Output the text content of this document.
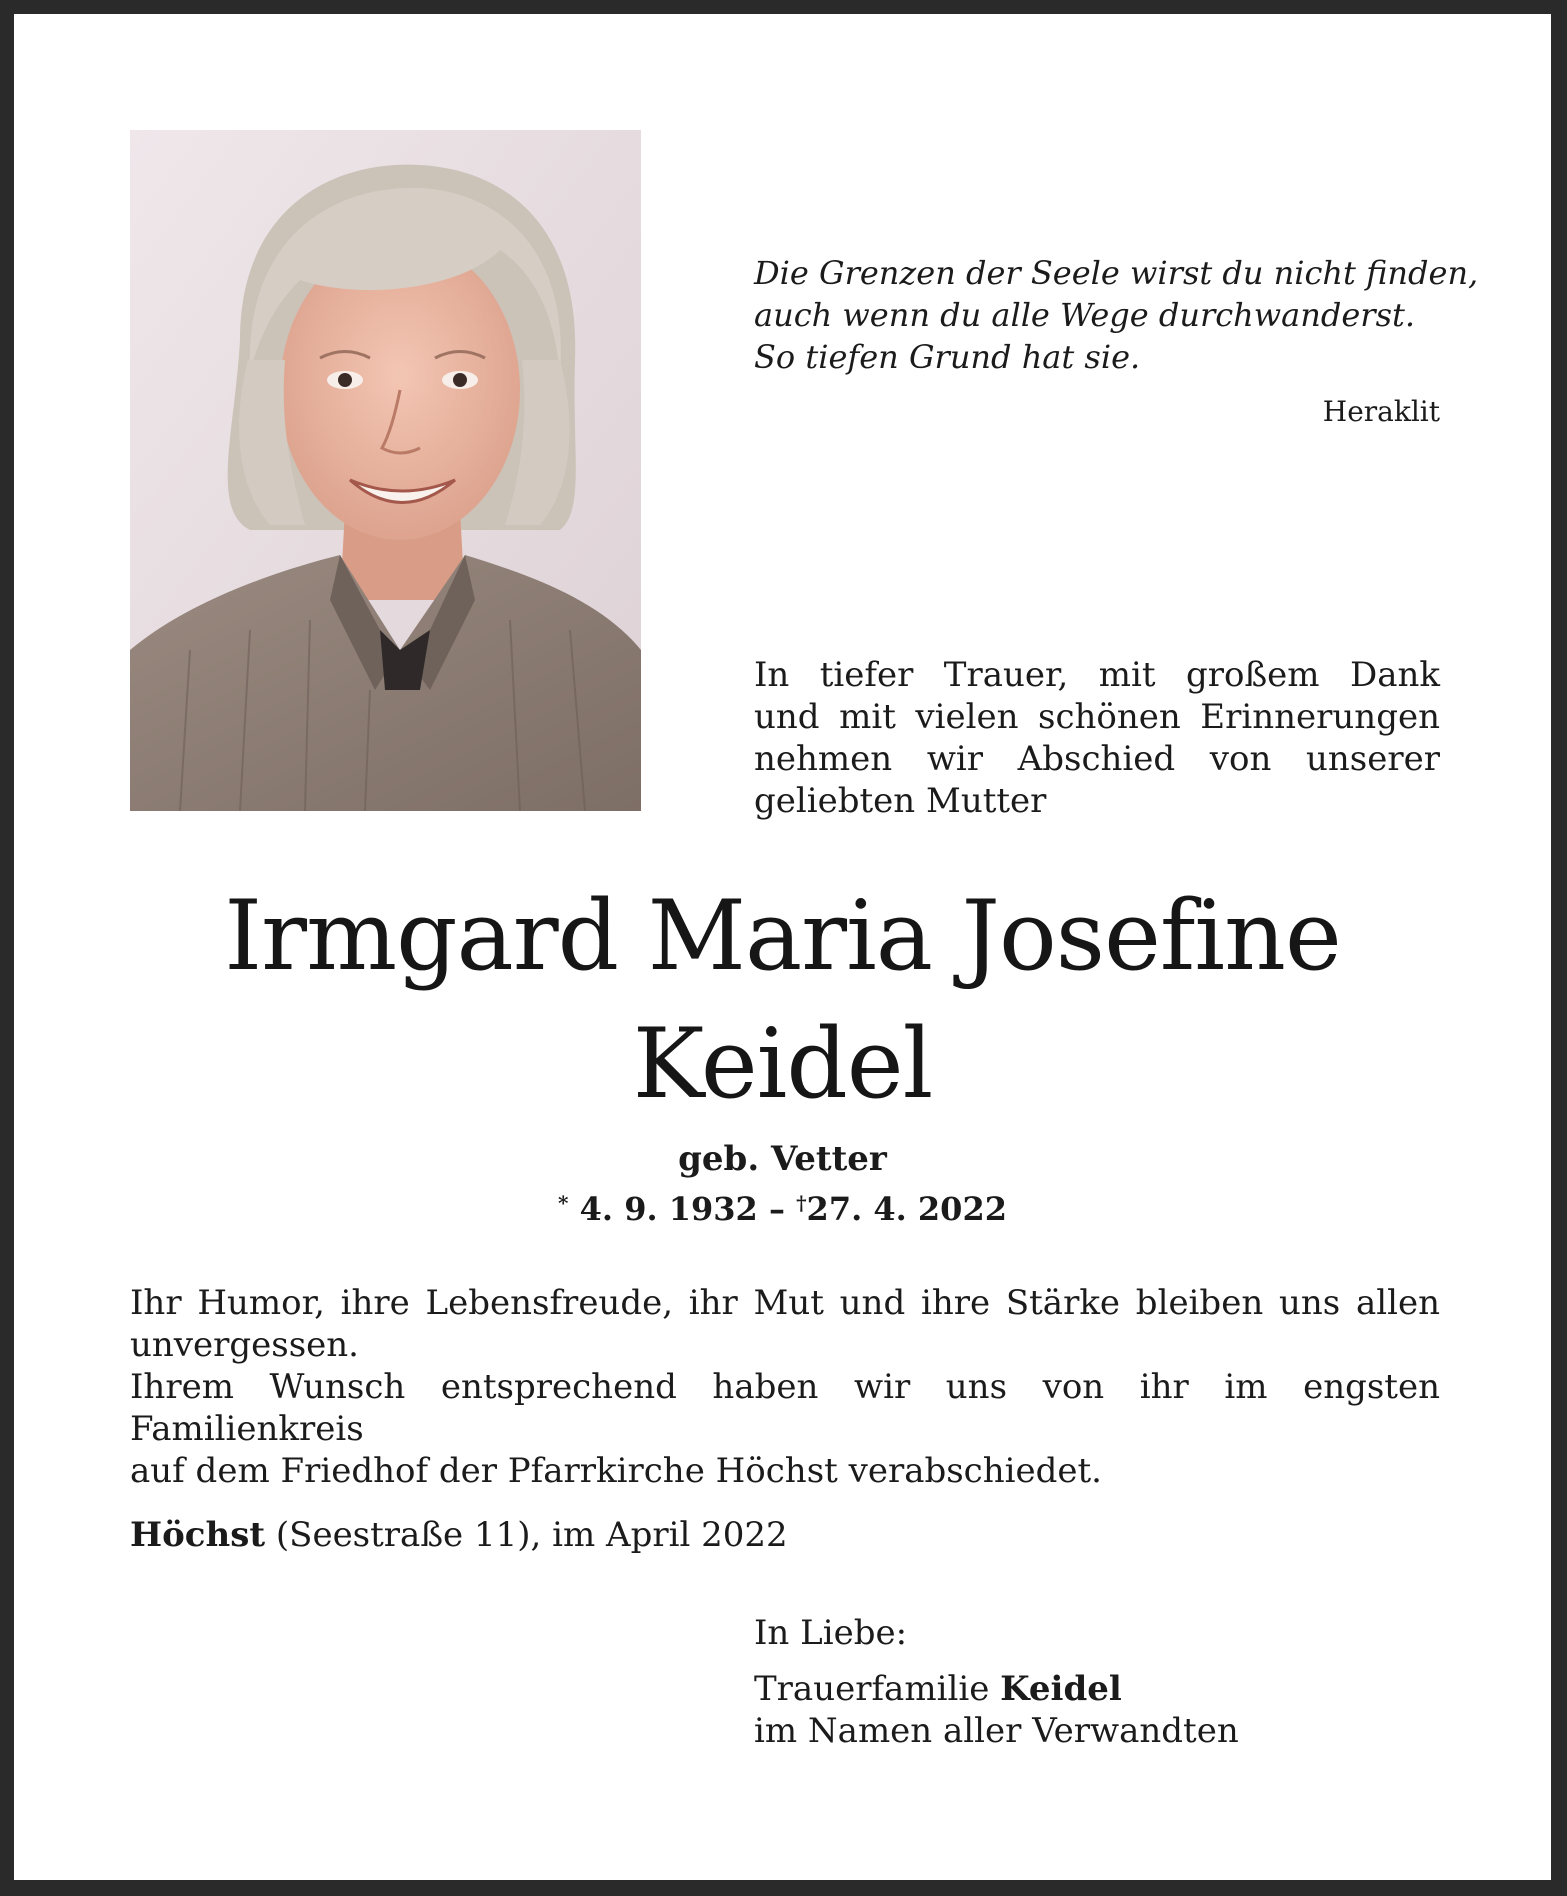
Die Grenzen der Seele wirst du nicht finden,
auch wenn du alle Wege durchwanderst.
So tiefen Grund hat sie.
Heraklit
In tiefer Trauer, mit großem Dank
und mit vielen schönen Erinnerungen
nehmen wir Abschied von unserer
geliebten Mutter
Irmgard Maria Josefine
Keidel
geb. Vetter
* 4. 9. 1932 – †27. 4. 2022

Ihr Humor, ihre Lebensfreude, ihr Mut und ihre Stärke bleiben uns allen

unvergessen.

Ihrem Wunsch entsprechend haben wir uns von ihr im engsten Familienkreis

auf dem Friedhof der Pfarrkirche Höchst verabschiedet.

Höchst (Seestraße 11), im April 2022
In Liebe:
Trauerfamilie Keidel
im Namen aller Verwandten
